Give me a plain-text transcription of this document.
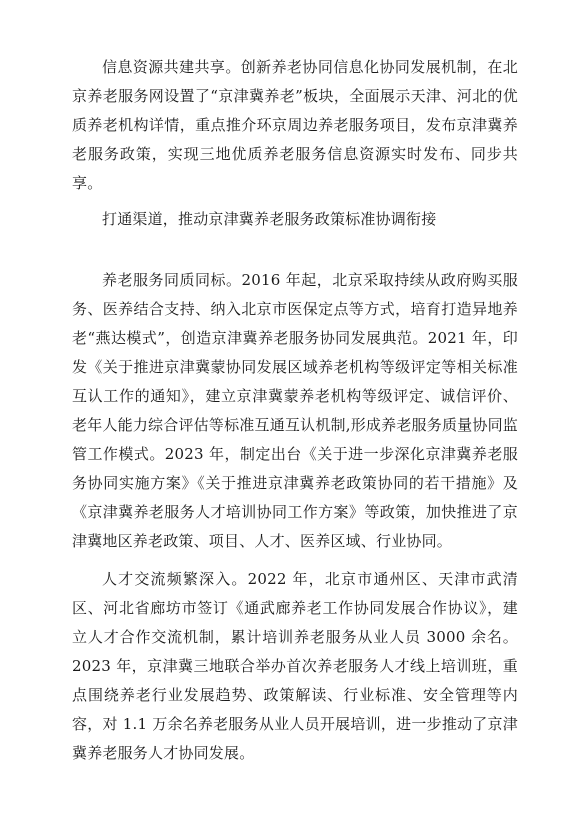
信息资源共建共享。创新养老协同信息化协同发展机制，在北京养老服务网设置了“京津冀养老”板块，全面展示天津、河北的优质养老机构详情，重点推介环京周边养老服务项目，发布京津冀养老服务政策，实现三地优质养老服务信息资源实时发布、同步共享。

打通渠道，推动京津冀养老服务政策标准协调衔接

养老服务同质同标。2016 年起，北京采取持续从政府购买服务、医养结合支持、纳入北京市医保定点等方式，培育打造异地养老“燕达模式”，创造京津冀养老服务协同发展典范。2021 年，印发《关于推进京津冀蒙协同发展区域养老机构等级评定等相关标准互认工作的通知》，建立京津冀蒙养老机构等级评定、诚信评价、老年人能力综合评估等标准互通互认机制,形成养老服务质量协同监管工作模式。2023 年，制定出台《关于进一步深化京津冀养老服务协同实施方案》《关于推进京津冀养老政策协同的若干措施》及《京津冀养老服务人才培训协同工作方案》等政策，加快推进了京津冀地区养老政策、项目、人才、医养区域、行业协同。

人才交流频繁深入。2022 年，北京市通州区、天津市武清区、河北省廊坊市签订《通武廊养老工作协同发展合作协议》，建立人才合作交流机制，累计培训养老服务从业人员 3000 余名。2023 年，京津冀三地联合举办首次养老服务人才线上培训班，重点围绕养老行业发展趋势、政策解读、行业标准、安全管理等内容，对 1.1 万余名养老服务从业人员开展培训，进一步推动了京津冀养老服务人才协同发展。
